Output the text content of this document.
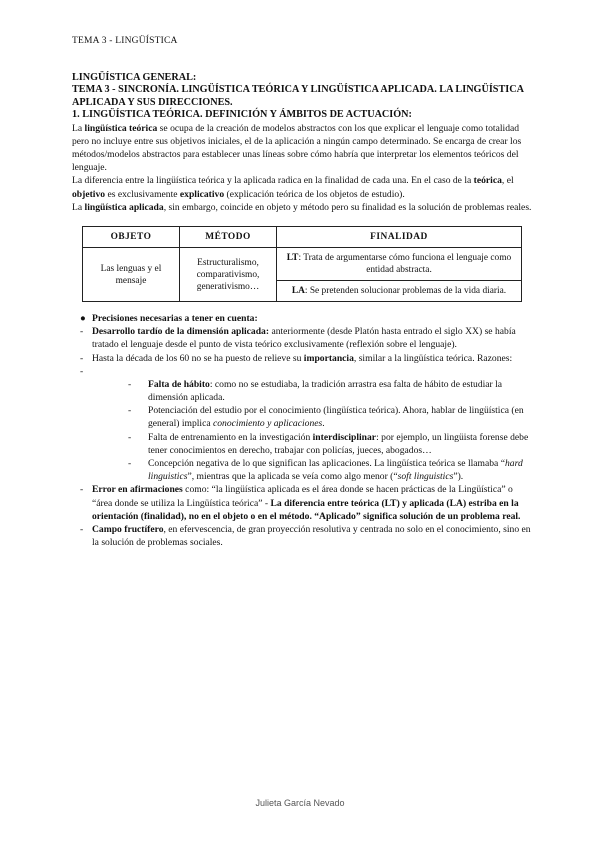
TEMA 3 - LINGÜÍSTICA

LINGÜÍSTICA GENERAL:

TEMA 3 - SINCRONÍA. LINGÜÍSTICA TEÓRICA Y LINGÜÍSTICA APLICADA. LA LINGÜÍSTICA APLICADA Y SUS DIRECCIONES.

1. LINGÜÍSTICA TEÓRICA. DEFINICIÓN Y ÁMBITOS DE ACTUACIÓN:

La lingüística teórica se ocupa de la creación de modelos abstractos con los que explicar el lenguaje como totalidad pero no incluye entre sus objetivos iniciales, el de la aplicación a ningún campo determinado. Se encarga de crear los métodos/modelos abstractos para establecer unas líneas sobre cómo habría que interpretar los elementos teóricos del lenguaje.

La diferencia entre la lingüística teórica y la aplicada radica en la finalidad de cada una. En el caso de la teórica, el objetivo es exclusivamente explicativo (explicación teórica de los objetos de estudio).

La lingüística aplicada, sin embargo, coincide en objeto y método pero su finalidad es la solución de problemas reales.

OBJETO	MÉTODO	FINALIDAD
Las lenguas y el mensaje	Estructuralismo, comparativismo, generativismo…	LT: Trata de argumentarse cómo funciona el lenguaje como entidad abstracta.
		LA: Se pretenden solucionar problemas de la vida diaria.
● Precisiones necesarias a tener en cuenta:
- Desarrollo tardío de la dimensión aplicada: anteriormente (desde Platón hasta entrado el siglo XX) se había tratado el lenguaje desde el punto de vista teórico exclusivamente (reflexión sobre el lenguaje).
- Hasta la década de los 60 no se ha puesto de relieve su importancia, similar a la lingüística teórica. Razones:
-
- Falta de hábito: como no se estudiaba, la tradición arrastra esa falta de hábito de estudiar la dimensión aplicada.
- Potenciación del estudio por el conocimiento (lingüística teórica). Ahora, hablar de lingüística (en general) implica conocimiento y aplicaciones.
- Falta de entrenamiento en la investigación interdisciplinar: por ejemplo, un lingüista forense debe tener conocimientos en derecho, trabajar con policías, jueces, abogados…
- Concepción negativa de lo que significan las aplicaciones. La lingüística teórica se llamaba “hard linguistics”, mientras que la aplicada se veía como algo menor (“soft linguistics”).
- Error en afirmaciones como: “la lingüística aplicada es el área donde se hacen prácticas de la Lingüística” o “área donde se utiliza la Lingüística teórica” - La diferencia entre teórica (LT) y aplicada (LA) estriba en la orientación (finalidad), no en el objeto o en el método. “Aplicado” significa solución de un problema real.
- Campo fructífero, en efervescencia, de gran proyección resolutiva y centrada no solo en el conocimiento, sino en la solución de problemas sociales.
Julieta García Nevado
